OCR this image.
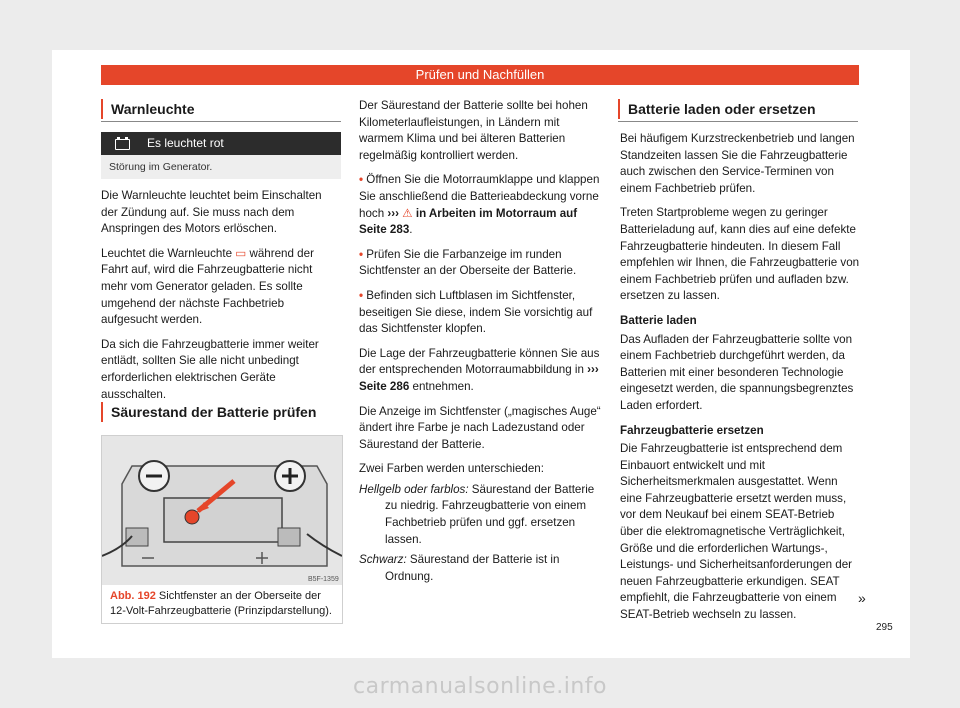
Prüfen und Nachfüllen
Warnleuchte
Es leuchtet rot
Störung im Generator.

Die Warnleuchte leuchtet beim Einschalten der Zündung auf. Sie muss nach dem Anspringen des Motors erlöschen.

Leuchtet die Warnleuchte ▭ während der Fahrt auf, wird die Fahrzeugbatterie nicht mehr vom Generator geladen. Es sollte umgehend der nächste Fachbetrieb aufgesucht werden.

Da sich die Fahrzeugbatterie immer weiter entlädt, sollten Sie alle nicht unbedingt erforderlichen elektrischen Geräte ausschalten.

Säurestand der Batterie prüfen
B5F-1359
Abb. 192 Sichtfenster an der Oberseite der 12-Volt-Fahrzeugbatterie (Prinzipdarstellung).

Der Säurestand der Batterie sollte bei hohen Kilometerlaufleistungen, in Ländern mit warmem Klima und bei älteren Batterien regelmäßig kontrolliert werden.

• Öffnen Sie die Motorraumklappe und klappen Sie anschließend die Batterieabdeckung vorne hoch ››› ⚠ in Arbeiten im Motorraum auf Seite 283.

• Prüfen Sie die Farbanzeige im runden Sichtfenster an der Oberseite der Batterie.

• Befinden sich Luftblasen im Sichtfenster, beseitigen Sie diese, indem Sie vorsichtig auf das Sichtfenster klopfen.

Die Lage der Fahrzeugbatterie können Sie aus der entsprechenden Motorraumabbildung in ››› Seite 286 entnehmen.

Die Anzeige im Sichtfenster („magisches Auge“ ändert ihre Farbe je nach Ladezustand oder Säurestand der Batterie.

Zwei Farben werden unterschieden:

Hellgelb oder farblos: Säurestand der Batterie zu niedrig. Fahrzeugbatterie von einem Fachbetrieb prüfen und ggf. ersetzen lassen.

Schwarz: Säurestand der Batterie ist in Ordnung.

Batterie laden oder ersetzen

Bei häufigem Kurzstreckenbetrieb und langen Standzeiten lassen Sie die Fahrzeugbatterie auch zwischen den Service-Terminen von einem Fachbetrieb prüfen.

Treten Startprobleme wegen zu geringer Batterieladung auf, kann dies auf eine defekte Fahrzeugbatterie hindeuten. In diesem Fall empfehlen wir Ihnen, die Fahrzeugbatterie von einem Fachbetrieb prüfen und aufladen bzw. ersetzen zu lassen.

Batterie laden

Das Aufladen der Fahrzeugbatterie sollte von einem Fachbetrieb durchgeführt werden, da Batterien mit einer besonderen Technologie eingesetzt werden, die spannungsbegrenztes Laden erfordert.

Fahrzeugbatterie ersetzen

Die Fahrzeugbatterie ist entsprechend dem Einbauort entwickelt und mit Sicherheitsmerkmalen ausgestattet. Wenn eine Fahrzeugbatterie ersetzt werden muss, vor dem Neukauf bei einem SEAT-Betrieb über die elektromagnetische Verträglichkeit, Größe und die erforderlichen Wartungs-, Leistungs- und Sicherheitsanforderungen der neuen Fahrzeugbatterie erkundigen. SEAT empfiehlt, die Fahrzeugbatterie von einem SEAT-Betrieb wechseln zu lassen.

»
295
carmanualsonline.info
